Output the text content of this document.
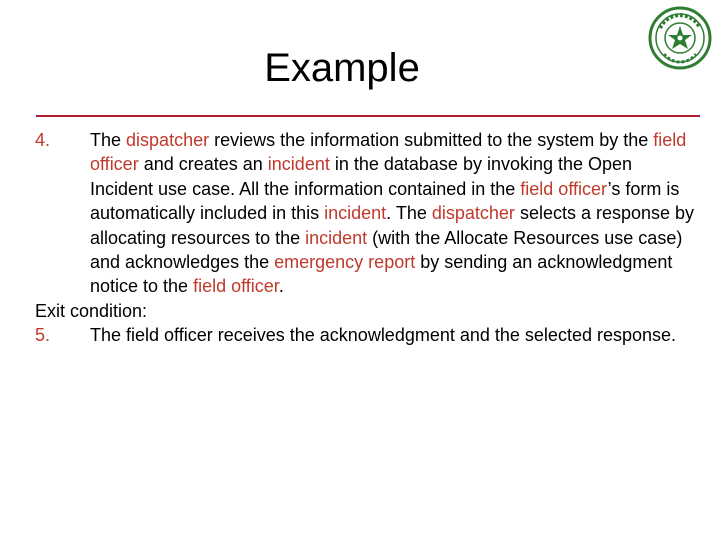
Example
4. The dispatcher reviews the information submitted to the system by the field officer and creates an incident in the database by invoking the Open Incident use case. All the information contained in the field officer’s form is automatically included in this incident. The dispatcher selects a response by allocating resources to the incident (with the Allocate Resources use case) and acknowledges the emergency report by sending an acknowledgment notice to the field officer.
Exit condition:
5. The field officer receives the acknowledgment and the selected response.
